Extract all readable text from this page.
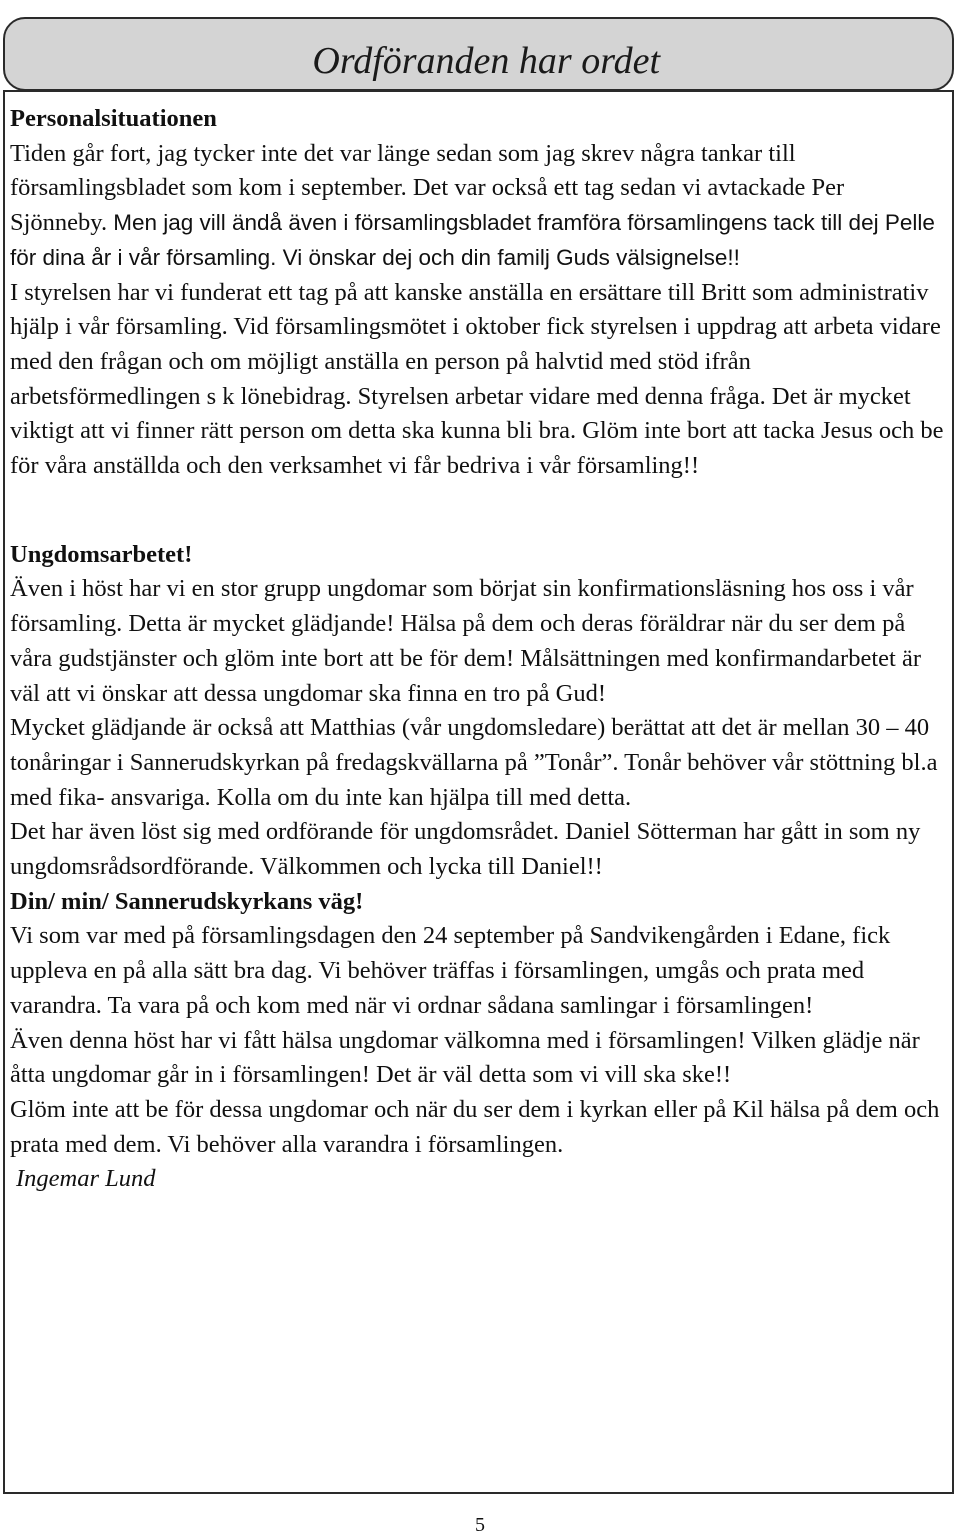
Ordföranden har ordet

Personalsituationen

Tiden går fort, jag tycker inte det var länge sedan som jag skrev några tankar till församlingsbladet som kom i september. Det var också ett tag sedan vi avtackade Per Sjönneby. Men jag vill ändå även i församlingsbladet framföra församlingens tack till dej Pelle för dina år i vår församling. Vi önskar dej och din familj Guds välsignelse!!

I styrelsen har vi funderat ett tag på att kanske anställa en ersättare till Britt som administrativ hjälp i vår församling. Vid församlingsmötet i oktober fick styrelsen i uppdrag att arbeta vidare med den frågan och om möjligt anställa en person på halvtid med stöd ifrån arbetsförmedlingen s k lönebidrag. Styrelsen arbetar vidare med denna fråga. Det är mycket viktigt att vi finner rätt person om detta ska kunna bli bra. Glöm inte bort att tacka Jesus och be för våra anställda och den verksamhet vi får bedriva i vår församling!!

Ungdomsarbetet!

Även i höst har vi en stor grupp ungdomar som börjat sin konfirmationsläsning hos oss i vår församling. Detta är mycket glädjande! Hälsa på dem och deras föräldrar när du ser dem på våra gudstjänster och glöm inte bort att be för dem! Målsättningen med konfirmandarbetet är väl att vi önskar att dessa ungdomar ska finna en tro på Gud!

Mycket glädjande är också att Matthias (vår ungdomsledare) berättat att det är mellan 30 – 40 tonåringar i Sannerudskyrkan på fredagskvällarna på ”Tonår”. Tonår behöver vår stöttning bl.a med fika- ansvariga. Kolla om du inte kan hjälpa till med detta.

Det har även löst sig med ordförande för ungdomsrådet. Daniel Sötterman har gått in som ny ungdomsrådsordförande. Välkommen och lycka till Daniel!!

Din/ min/ Sannerudskyrkans väg!

Vi som var med på församlingsdagen den 24 september på Sandvikengården i Edane, fick uppleva en på alla sätt bra dag. Vi behöver träffas i församlingen, umgås och prata med varandra. Ta vara på och kom med när vi ordnar sådana samlingar i församlingen!

Även denna höst har vi fått hälsa ungdomar välkomna med i församlingen! Vilken glädje när åtta ungdomar går in i församlingen! Det är väl detta som vi vill ska ske!!

Glöm inte att be för dessa ungdomar och när du ser dem i kyrkan eller på Kil hälsa på dem och prata med dem. Vi behöver alla varandra i församlingen.

Ingemar Lund

5
